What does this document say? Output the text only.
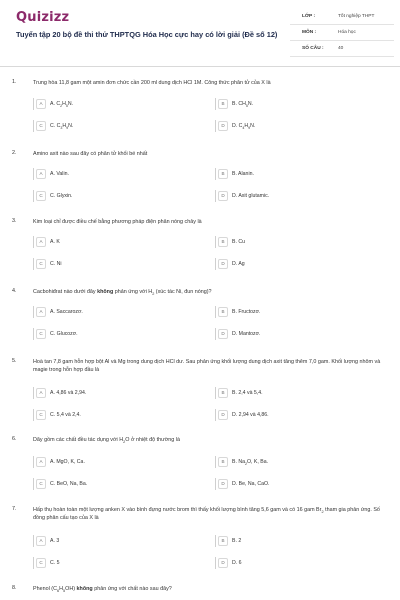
Quizizz
Tuyển tập 20 bộ đề thi thử THPTQG Hóa Học cực hay có lời giải (Đề số 12)
LỚP :	Tốt nghiệp THPT
MÔN :	Hóa học
SỐ CÂU :	40
1.	Trung hòa 11,8 gam một amin đơn chức cần 200 ml dung dịch HCl 1M. Công thức phân tử của X là
A	A. $C_2H_5N$.	B	B. $CH_5N$.
C	C. $C_3H_9N$.	D	D. $C_4H_9N$.
2.	Amino axit nào sau đây có phân tử khối bé nhất
A	A. Valin.	B	B. Alanin.
C	C. Glyxin.	D	D. Axit glutamic.
3.	Kim loại chỉ được điều chế bằng phương pháp điện phân nóng chảy là
A	A. K	B	B. Cu
C	C. Ni	D	D. Ag
4.	Cacbohiđrat nào dưới đây không phản ứng với $H_2$ (xúc tác Ni, đun nóng)?
A	A. Saccarozơ.	B	B. Fructozơ.
C	C. Glucozơ.	D	D. Mantozơ.
5.	Hoà tan 7,8 gam hỗn hợp bột Al và Mg trong dung dịch HCl dư. Sau phản ứng khối lượng dung dịch axit tăng thêm 7,0 gam. Khối lượng nhôm và magie trong hỗn hợp đầu là
A	A. 4,86 và 2,94.	B	B. 2,4 và 5,4.
C	C. 5,4 và 2,4.	D	D. 2,94 và 4,86.
6.	Dãy gồm các chất đều tác dụng với $H_2O$ ở nhiệt độ thường là
A	A. MgO, K, Ca.	B	B. $Na_2O$, K, Ba.
C	C. BeO, Na, Ba.	D	D. Be, Na, CaO.
7.	Hấp thụ hoàn toàn một lượng anken X vào bình đựng nước brom thì thấy khối lượng bình tăng 5,6 gam và có 16 gam $Br_2$ tham gia phản ứng. Số đồng phân cấu tạo của X là
A	A. 3	B	B. 2
C	C. 5	D	D. 6
8.	Phenol $(C_6H_5OH)$ không phản ứng với chất nào sau đây?
